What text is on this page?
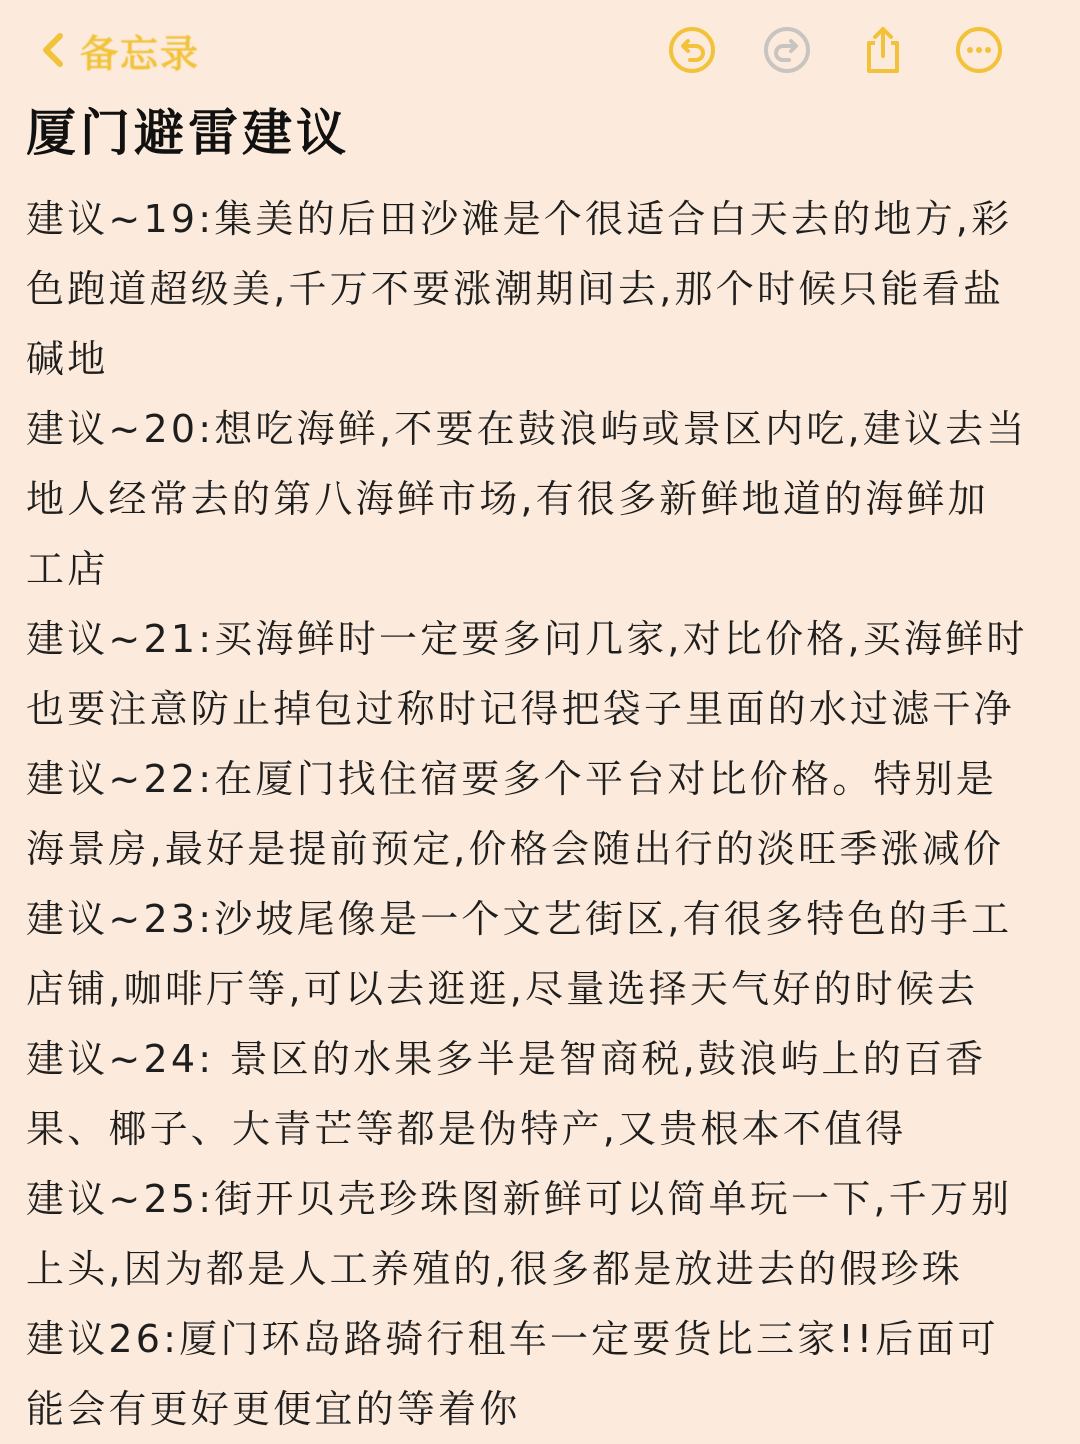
备忘录
厦门避雷建议
建议~19:集美的后田沙滩是个很适合白天去的地方,彩
色跑道超级美,千万不要涨潮期间去,那个时候只能看盐
碱地
建议~20:想吃海鲜,不要在鼓浪屿或景区内吃,建议去当
地人经常去的第八海鲜市场,有很多新鲜地道的海鲜加
工店
建议~21:买海鲜时一定要多问几家,对比价格,买海鲜时
也要注意防止掉包过称时记得把袋子里面的水过滤干净
建议~22:在厦门找住宿要多个平台对比价格。特别是
海景房,最好是提前预定,价格会随出行的淡旺季涨减价
建议~23:沙坡尾像是一个文艺街区,有很多特色的手工
店铺,咖啡厅等,可以去逛逛,尽量选择天气好的时候去
建议~24: 景区的水果多半是智商税,鼓浪屿上的百香
果、椰子、大青芒等都是伪特产,又贵根本不值得
建议~25:街开贝壳珍珠图新鲜可以简单玩一下,千万别
上头,因为都是人工养殖的,很多都是放进去的假珍珠
建议26:厦门环岛路骑行租车一定要货比三家!!后面可
能会有更好更便宜的等着你
